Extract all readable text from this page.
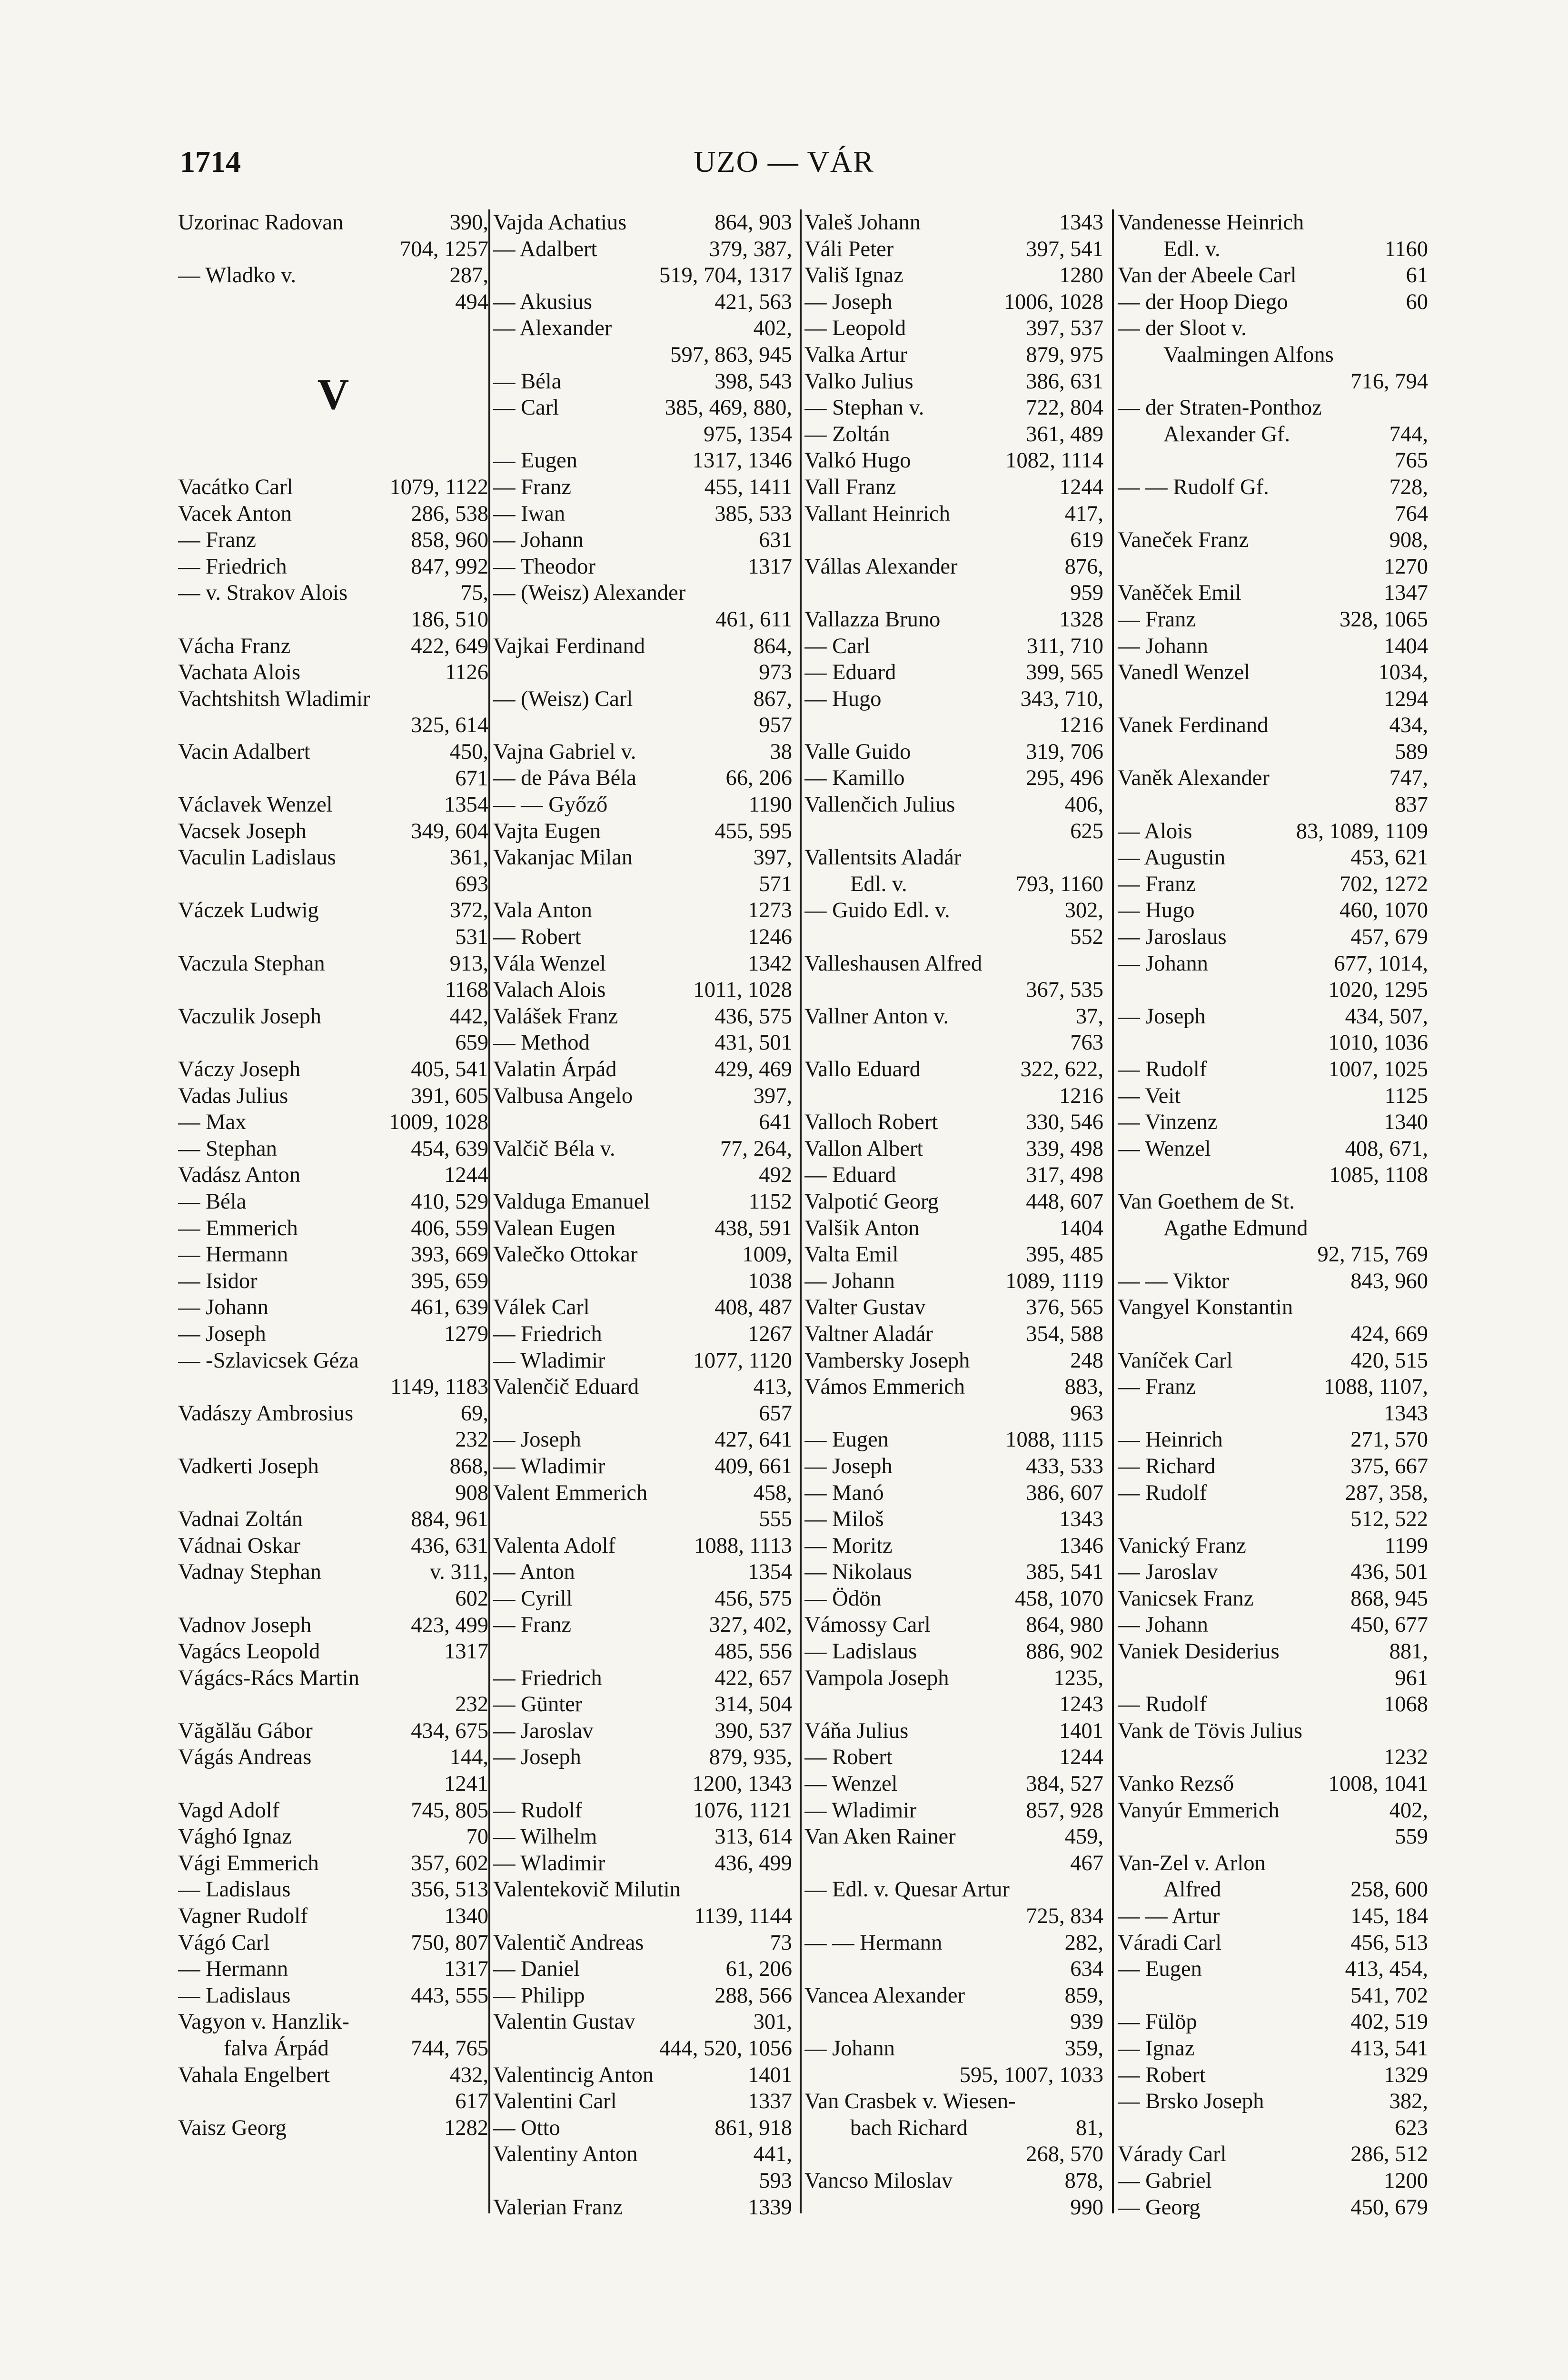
1714	UZO — VÁR
Uzorinac Radovan	390,
704, 1257
— Wladko v.	287,
494
V
Vacátko Carl	1079, 1122
Vacek Anton	286, 538
— Franz	858, 960
— Friedrich	847, 992
— v. Strakov Alois	75,
186, 510
Vácha Franz	422, 649
Vachata Alois	1126
Vachtshitsh Wladimir
325, 614
Vacin Adalbert	450,
671
Václavek Wenzel	1354
Vacsek Joseph	349, 604
Vaculin Ladislaus	361,
693
Váczek Ludwig	372,
531
Vaczula Stephan	913,
1168
Vaczulik Joseph	442,
659
Váczy Joseph	405, 541
Vadas Julius	391, 605
— Max	1009, 1028
— Stephan	454, 639
Vadász Anton	1244
— Béla	410, 529
— Emmerich	406, 559
— Hermann	393, 669
— Isidor	395, 659
— Johann	461, 639
— Joseph	1279
— -Szlavicsek Géza
1149, 1183
Vadászy Ambrosius	69,
232
Vadkerti Joseph	868,
908
Vadnai Zoltán	884, 961
Vádnai Oskar	436, 631
Vadnay Stephan	v. 311,
602
Vadnov Joseph	423, 499
Vagács Leopold	1317
Vágács-Rács Martin
232
Văgălău Gábor	434, 675
Vágás Andreas	144,
1241
Vagd Adolf	745, 805
Vághó Ignaz	70
Vági Emmerich	357, 602
— Ladislaus	356, 513
Vagner Rudolf	1340
Vágó Carl	750, 807
— Hermann	1317
— Ladislaus	443, 555
Vagyon v. Hanzlik-
falva Árpád	744, 765
Vahala Engelbert	432,
617
Vaisz Georg	1282
Vajda Achatius	864, 903
— Adalbert	379, 387,
519, 704, 1317
— Akusius	421, 563
— Alexander	402,
597, 863, 945
— Béla	398, 543
— Carl	385, 469, 880,
975, 1354
— Eugen	1317, 1346
— Franz	455, 1411
— Iwan	385, 533
— Johann	631
— Theodor	1317
— (Weisz) Alexander
461, 611
Vajkai Ferdinand	864,
973
— (Weisz) Carl	867,
957
Vajna Gabriel v.	38
— de Páva Béla	66, 206
— — Győző	1190
Vajta Eugen	455, 595
Vakanjac Milan	397,
571
Vala Anton	1273
— Robert	1246
Vála Wenzel	1342
Valach Alois	1011, 1028
Valášek Franz	436, 575
— Method	431, 501
Valatin Árpád	429, 469
Valbusa Angelo	397,
641
Valčič Béla v.	77, 264,
492
Valduga Emanuel	1152
Valean Eugen	438, 591
Valečko Ottokar	1009,
1038
Válek Carl	408, 487
— Friedrich	1267
— Wladimir	1077, 1120
Valenčič Eduard	413,
657
— Joseph	427, 641
— Wladimir	409, 661
Valent Emmerich	458,
555
Valenta Adolf	1088, 1113
— Anton	1354
— Cyrill	456, 575
— Franz	327, 402,
485, 556
— Friedrich	422, 657
— Günter	314, 504
— Jaroslav	390, 537
— Joseph	879, 935,
1200, 1343
— Rudolf	1076, 1121
— Wilhelm	313, 614
— Wladimir	436, 499
Valentekovič Milutin
1139, 1144
Valentič Andreas	73
— Daniel	61, 206
— Philipp	288, 566
Valentin Gustav	301,
444, 520, 1056
Valentincig Anton	1401
Valentini Carl	1337
— Otto	861, 918
Valentiny Anton	441,
593
Valerian Franz	1339
Valeš Johann	1343
Váli Peter	397, 541
Vališ Ignaz	1280
— Joseph	1006, 1028
— Leopold	397, 537
Valka Artur	879, 975
Valko Julius	386, 631
— Stephan v.	722, 804
— Zoltán	361, 489
Valkó Hugo	1082, 1114
Vall Franz	1244
Vallant Heinrich	417,
619
Vállas Alexander	876,
959
Vallazza Bruno	1328
— Carl	311, 710
— Eduard	399, 565
— Hugo	343, 710,
1216
Valle Guido	319, 706
— Kamillo	295, 496
Vallenčich Julius	406,
625
Vallentsits Aladár
Edl. v.	793, 1160
— Guido Edl. v.	302,
552
Valleshausen Alfred
367, 535
Vallner Anton v.	37,
763
Vallo Eduard	322, 622,
1216
Valloch Robert	330, 546
Vallon Albert	339, 498
— Eduard	317, 498
Valpotić Georg	448, 607
Valšik Anton	1404
Valta Emil	395, 485
— Johann	1089, 1119
Valter Gustav	376, 565
Valtner Aladár	354, 588
Vambersky Joseph	248
Vámos Emmerich	883,
963
— Eugen	1088, 1115
— Joseph	433, 533
— Manó	386, 607
— Miloš	1343
— Moritz	1346
— Nikolaus	385, 541
— Ödön	458, 1070
Vámossy Carl	864, 980
— Ladislaus	886, 902
Vampola Joseph	1235,
1243
Váňa Julius	1401
— Robert	1244
— Wenzel	384, 527
— Wladimir	857, 928
Van Aken Rainer	459,
467
— Edl. v. Quesar Artur
725, 834
— — Hermann	282,
634
Vancea Alexander	859,
939
— Johann	359,
595, 1007, 1033
Van Crasbek v. Wiesen-
bach Richard	81,
268, 570
Vancso Miloslav	878,
990
Vandenesse Heinrich
Edl. v.	1160
Van der Abeele Carl	61
— der Hoop Diego	60
— der Sloot v.
Vaalmingen Alfons
716, 794
— der Straten-Ponthoz
Alexander Gf.	744,
765
— — Rudolf Gf.	728,
764
Vaneček Franz	908,
1270
Vaněček Emil	1347
— Franz	328, 1065
— Johann	1404
Vanedl Wenzel	1034,
1294
Vanek Ferdinand	434,
589
Vaněk Alexander	747,
837
— Alois	83, 1089, 1109
— Augustin	453, 621
— Franz	702, 1272
— Hugo	460, 1070
— Jaroslaus	457, 679
— Johann	677, 1014,
1020, 1295
— Joseph	434, 507,
1010, 1036
— Rudolf	1007, 1025
— Veit	1125
— Vinzenz	1340
— Wenzel	408, 671,
1085, 1108
Van Goethem de St.
Agathe Edmund
92, 715, 769
— — Viktor	843, 960
Vangyel Konstantin
424, 669
Vaníček Carl	420, 515
— Franz	1088, 1107,
1343
— Heinrich	271, 570
— Richard	375, 667
— Rudolf	287, 358,
512, 522
Vanický Franz	1199
— Jaroslav	436, 501
Vanicsek Franz	868, 945
— Johann	450, 677
Vaniek Desiderius	881,
961
— Rudolf	1068
Vank de Tövis Julius
1232
Vanko Rezső	1008, 1041
Vanyúr Emmerich	402,
559
Van-Zel v. Arlon
Alfred	258, 600
— — Artur	145, 184
Váradi Carl	456, 513
— Eugen	413, 454,
541, 702
— Fülöp	402, 519
— Ignaz	413, 541
— Robert	1329
— Brsko Joseph	382,
623
Várady Carl	286, 512
— Gabriel	1200
— Georg	450, 679
